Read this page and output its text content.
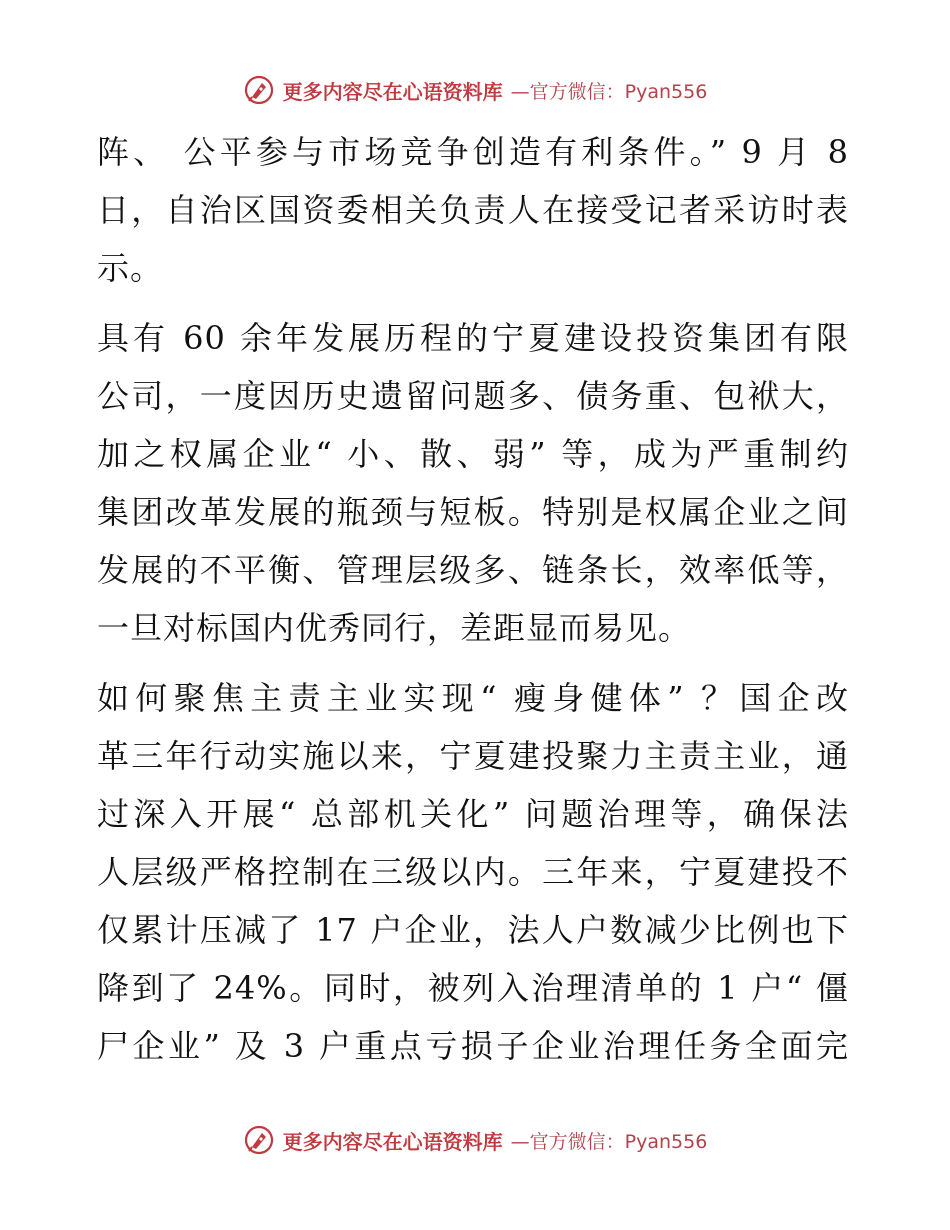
更多内容尽在心语资料库 —官方微信：Pyan556
阵、 公平参与市场竞争创造有利条件。” 9 月 8
日，自治区国资委相关负责人在接受记者采访时表
示。
具有 60 余年发展历程的宁夏建设投资集团有限
公司，一度因历史遗留问题多、债务重、包袱大，
加之权属企业“ 小、散、弱” 等，成为严重制约
集团改革发展的瓶颈与短板。特别是权属企业之间
发展的不平衡、管理层级多、链条长，效率低等，
一旦对标国内优秀同行，差距显而易见。
如何聚焦主责主业实现“ 瘦身健体” ？国企改
革三年行动实施以来，宁夏建投聚力主责主业，通
过深入开展“ 总部机关化” 问题治理等，确保法
人层级严格控制在三级以内。三年来，宁夏建投不
仅累计压减了 17 户企业，法人户数减少比例也下
降到了 24%。同时，被列入治理清单的 1 户“ 僵
尸企业” 及 3 户重点亏损子企业治理任务全面完
更多内容尽在心语资料库 —官方微信：Pyan556
